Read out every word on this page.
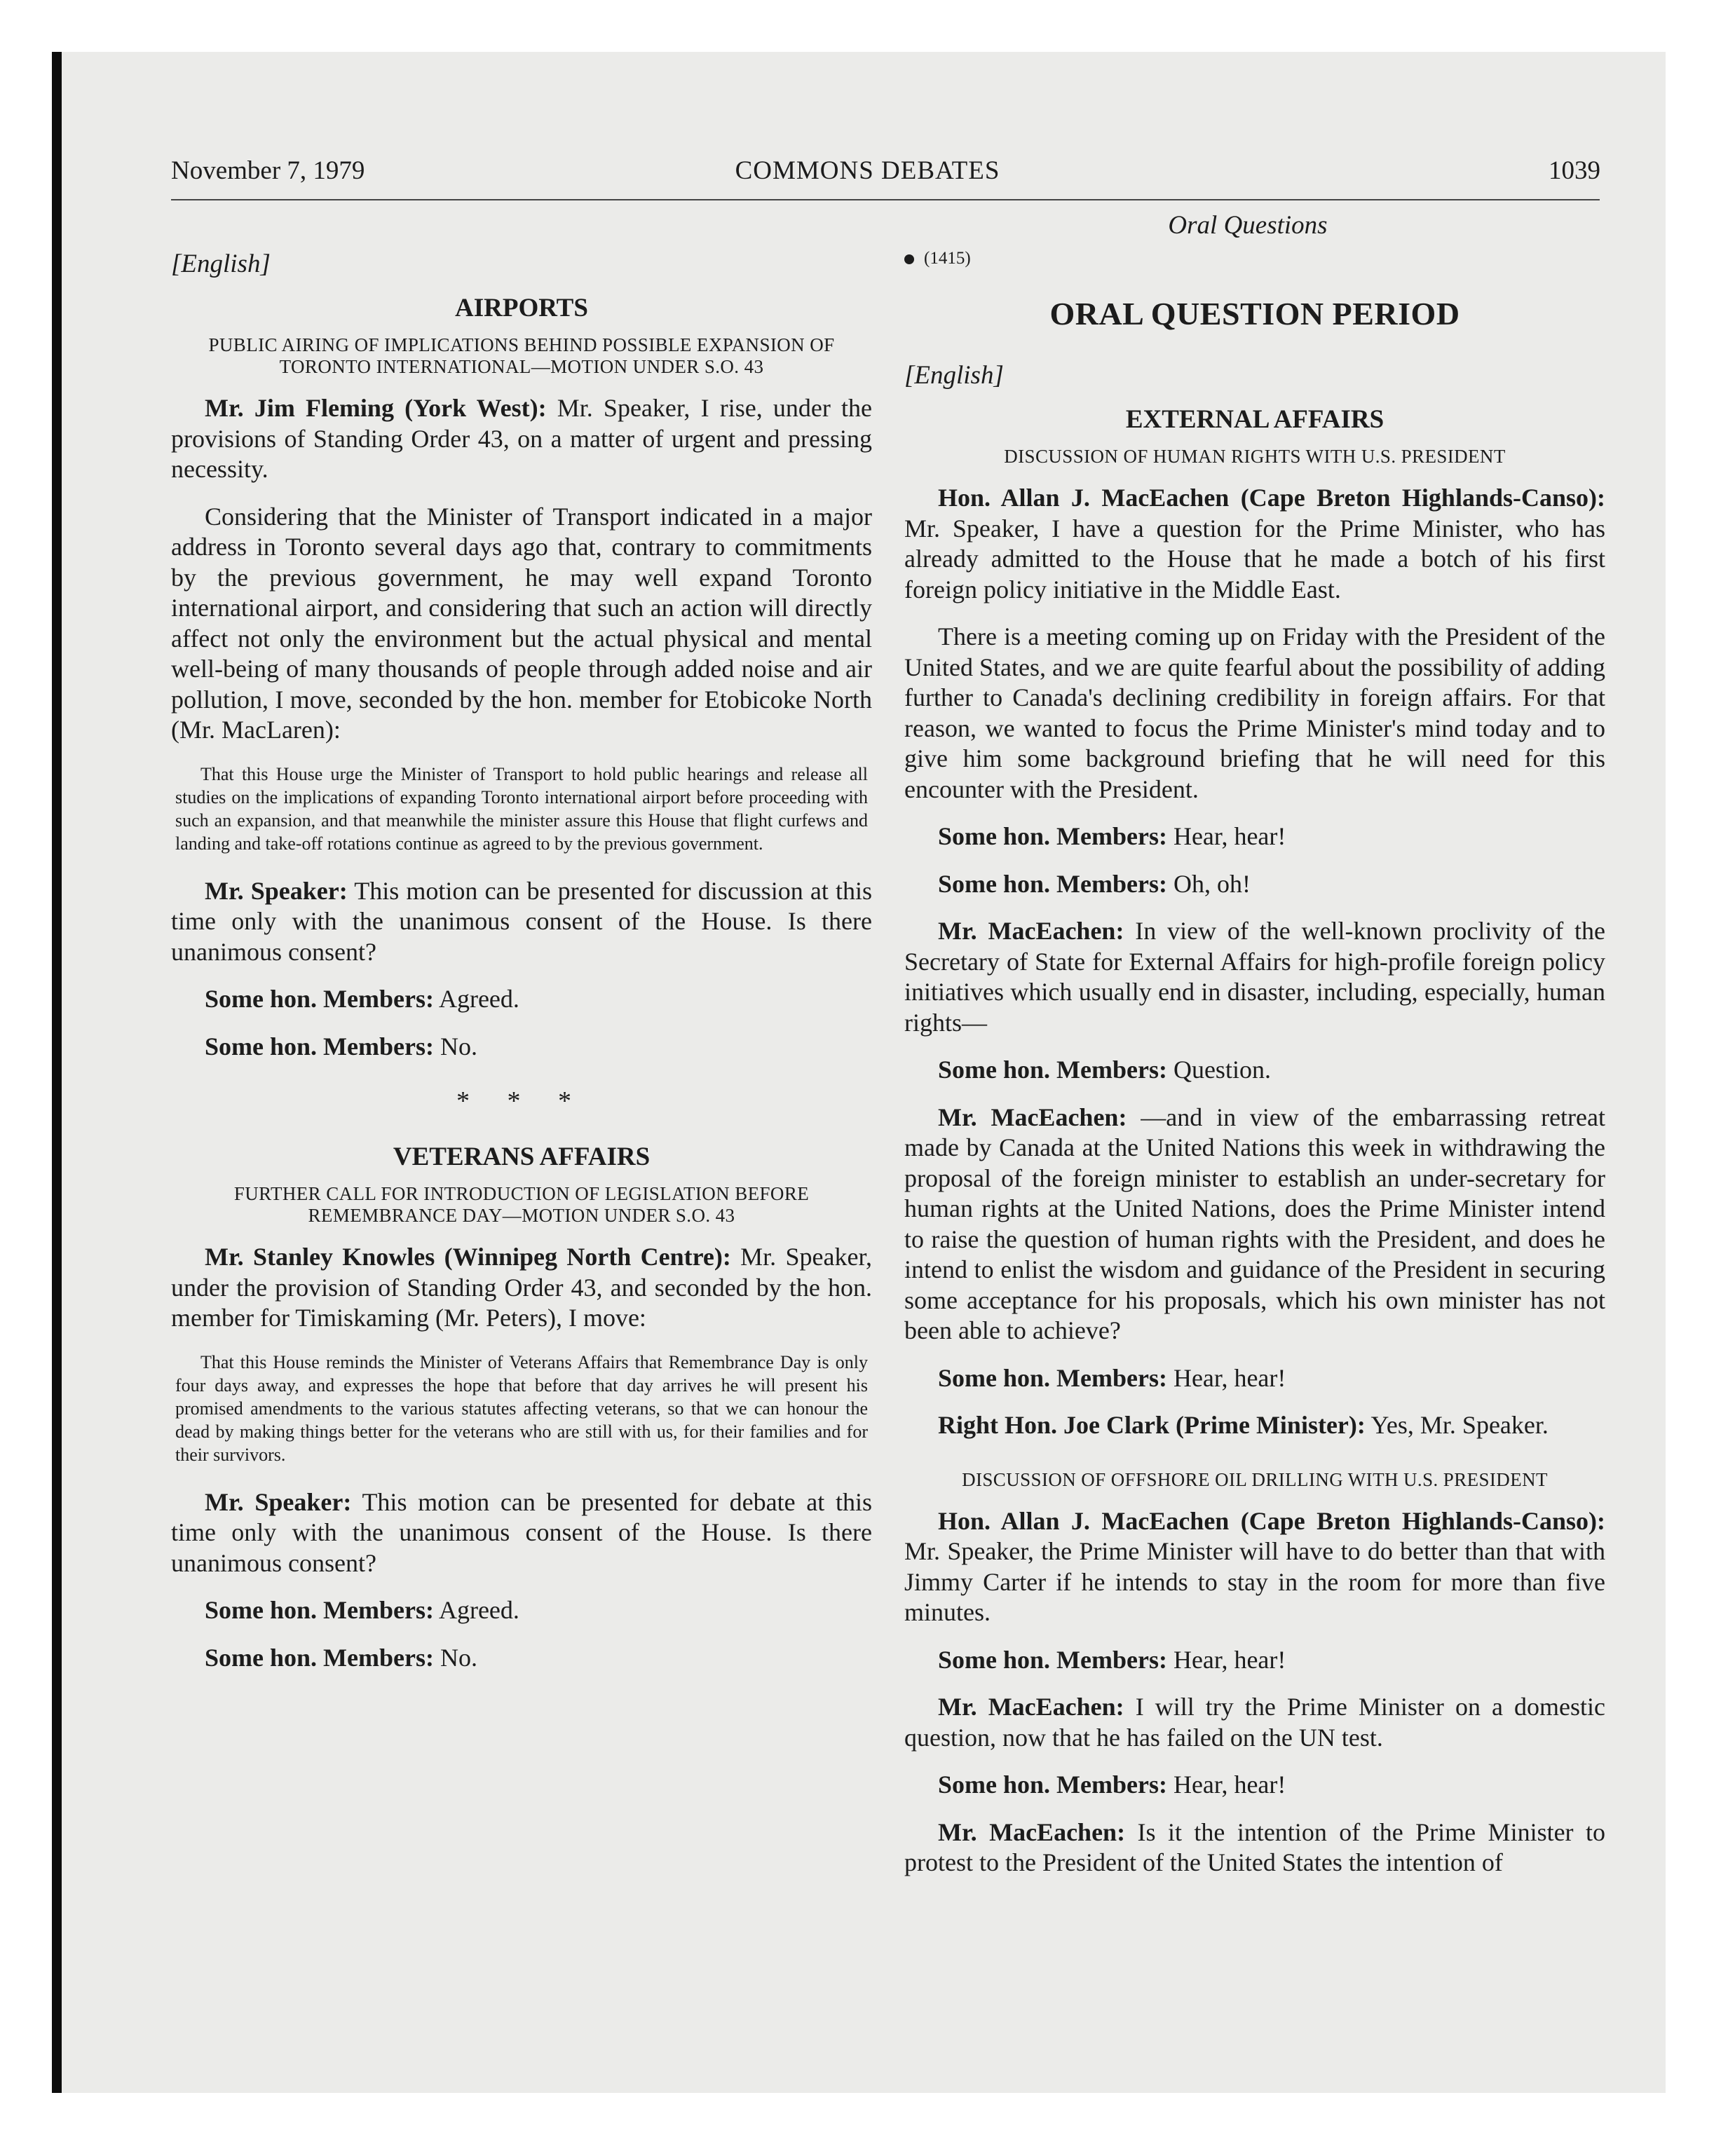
November 7, 1979	COMMONS DEBATES	1039
Oral Questions
[English]
AIRPORTS
PUBLIC AIRING OF IMPLICATIONS BEHIND POSSIBLE EXPANSION OF TORONTO INTERNATIONAL—MOTION UNDER S.O. 43

Mr. Jim Fleming (York West): Mr. Speaker, I rise, under the provisions of Standing Order 43, on a matter of urgent and pressing necessity.

Considering that the Minister of Transport indicated in a major address in Toronto several days ago that, contrary to commitments by the previous government, he may well expand Toronto international airport, and considering that such an action will directly affect not only the environment but the actual physical and mental well-being of many thousands of people through added noise and air pollution, I move, seconded by the hon. member for Etobicoke North (Mr. MacLaren):

That this House urge the Minister of Transport to hold public hearings and release all studies on the implications of expanding Toronto international airport before proceeding with such an expansion, and that meanwhile the minister assure this House that flight curfews and landing and take-off rotations continue as agreed to by the previous government.

Mr. Speaker: This motion can be presented for discussion at this time only with the unanimous consent of the House. Is there unanimous consent?

Some hon. Members: Agreed.

Some hon. Members: No.

* * *
VETERANS AFFAIRS
FURTHER CALL FOR INTRODUCTION OF LEGISLATION BEFORE REMEMBRANCE DAY—MOTION UNDER S.O. 43

Mr. Stanley Knowles (Winnipeg North Centre): Mr. Speaker, under the provision of Standing Order 43, and seconded by the hon. member for Timiskaming (Mr. Peters), I move:

That this House reminds the Minister of Veterans Affairs that Remembrance Day is only four days away, and expresses the hope that before that day arrives he will present his promised amendments to the various statutes affecting veterans, so that we can honour the dead by making things better for the veterans who are still with us, for their families and for their survivors.

Mr. Speaker: This motion can be presented for debate at this time only with the unanimous consent of the House. Is there unanimous consent?

Some hon. Members: Agreed.

Some hon. Members: No.

(1415)
ORAL QUESTION PERIOD
[English]
EXTERNAL AFFAIRS
DISCUSSION OF HUMAN RIGHTS WITH U.S. PRESIDENT

Hon. Allan J. MacEachen (Cape Breton Highlands-Canso): Mr. Speaker, I have a question for the Prime Minister, who has already admitted to the House that he made a botch of his first foreign policy initiative in the Middle East.

There is a meeting coming up on Friday with the President of the United States, and we are quite fearful about the possibility of adding further to Canada's declining credibility in foreign affairs. For that reason, we wanted to focus the Prime Minister's mind today and to give him some background briefing that he will need for this encounter with the President.

Some hon. Members: Hear, hear!

Some hon. Members: Oh, oh!

Mr. MacEachen: In view of the well-known proclivity of the Secretary of State for External Affairs for high-profile foreign policy initiatives which usually end in disaster, including, especially, human rights—

Some hon. Members: Question.

Mr. MacEachen: —and in view of the embarrassing retreat made by Canada at the United Nations this week in withdrawing the proposal of the foreign minister to establish an under-secretary for human rights at the United Nations, does the Prime Minister intend to raise the question of human rights with the President, and does he intend to enlist the wisdom and guidance of the President in securing some acceptance for his proposals, which his own minister has not been able to achieve?

Some hon. Members: Hear, hear!

Right Hon. Joe Clark (Prime Minister): Yes, Mr. Speaker.

DISCUSSION OF OFFSHORE OIL DRILLING WITH U.S. PRESIDENT

Hon. Allan J. MacEachen (Cape Breton Highlands-Canso): Mr. Speaker, the Prime Minister will have to do better than that with Jimmy Carter if he intends to stay in the room for more than five minutes.

Some hon. Members: Hear, hear!

Mr. MacEachen: I will try the Prime Minister on a domestic question, now that he has failed on the UN test.

Some hon. Members: Hear, hear!

Mr. MacEachen: Is it the intention of the Prime Minister to protest to the President of the United States the intention of
